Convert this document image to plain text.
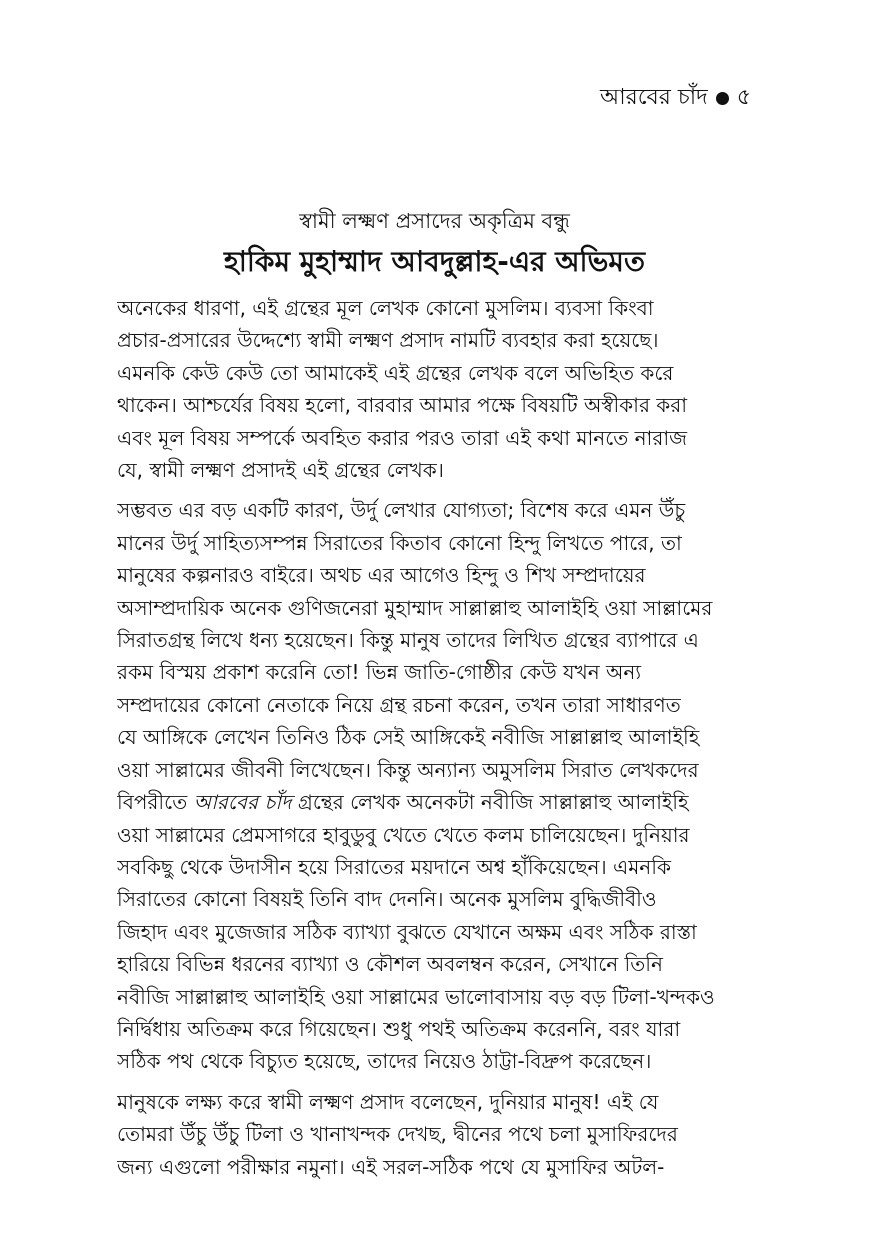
আরবের চাঁদ ৫
স্বামী লক্ষ্মণ প্রসাদের অকৃত্রিম বন্ধু
হাকিম মুহাম্মাদ আবদুল্লাহ-এর অভিমত
অনেকের ধারণা, এই গ্রন্থের মূল লেখক কোনো মুসলিম। ব্যবসা কিংবা
প্রচার-প্রসারের উদ্দেশ্যে স্বামী লক্ষ্মণ প্রসাদ নামটি ব্যবহার করা হয়েছে।
এমনকি কেউ কেউ তো আমাকেই এই গ্রন্থের লেখক বলে অভিহিত করে
থাকেন। আশ্চর্যের বিষয় হলো, বারবার আমার পক্ষে বিষয়টি অস্বীকার করা
এবং মূল বিষয় সম্পর্কে অবহিত করার পরও তারা এই কথা মানতে নারাজ
যে, স্বামী লক্ষ্মণ প্রসাদই এই গ্রন্থের লেখক।
সম্ভবত এর বড় একটি কারণ, উর্দু লেখার যোগ্যতা; বিশেষ করে এমন উঁচু
মানের উর্দু সাহিত্যসম্পন্ন সিরাতের কিতাব কোনো হিন্দু লিখতে পারে, তা
মানুষের কল্পনারও বাইরে। অথচ এর আগেও হিন্দু ও শিখ সম্প্রদায়ের
অসাম্প্রদায়িক অনেক গুণিজনেরা মুহাম্মাদ সাল্লাল্লাহু আলাইহি ওয়া সাল্লামের
সিরাতগ্রন্থ লিখে ধন্য হয়েছেন। কিন্তু মানুষ তাদের লিখিত গ্রন্থের ব্যাপারে এ
রকম বিস্ময় প্রকাশ করেনি তো! ভিন্ন জাতি-গোষ্ঠীর কেউ যখন অন্য
সম্প্রদায়ের কোনো নেতাকে নিয়ে গ্রন্থ রচনা করেন, তখন তারা সাধারণত
যে আঙ্গিকে লেখেন তিনিও ঠিক সেই আঙ্গিকেই নবীজি সাল্লাল্লাহু আলাইহি
ওয়া সাল্লামের জীবনী লিখেছেন। কিন্তু অন্যান্য অমুসলিম সিরাত লেখকদের
বিপরীতে আরবের চাঁদ গ্রন্থের লেখক অনেকটা নবীজি সাল্লাল্লাহু আলাইহি
ওয়া সাল্লামের প্রেমসাগরে হাবুডুবু খেতে খেতে কলম চালিয়েছেন। দুনিয়ার
সবকিছু থেকে উদাসীন হয়ে সিরাতের ময়দানে অশ্ব হাঁকিয়েছেন। এমনকি
সিরাতের কোনো বিষয়ই তিনি বাদ দেননি। অনেক মুসলিম বুদ্ধিজীবীও
জিহাদ এবং মুজেজার সঠিক ব্যাখ্যা বুঝতে যেখানে অক্ষম এবং সঠিক রাস্তা
হারিয়ে বিভিন্ন ধরনের ব্যাখ্যা ও কৌশল অবলম্বন করেন, সেখানে তিনি
নবীজি সাল্লাল্লাহু আলাইহি ওয়া সাল্লামের ভালোবাসায় বড় বড় টিলা-খন্দকও
নির্দ্বিধায় অতিক্রম করে গিয়েছেন। শুধু পথই অতিক্রম করেননি, বরং যারা
সঠিক পথ থেকে বিচ্যুত হয়েছে, তাদের নিয়েও ঠাট্টা-বিদ্রুপ করেছেন।
মানুষকে লক্ষ্য করে স্বামী লক্ষ্মণ প্রসাদ বলেছেন, দুনিয়ার মানুষ! এই যে
তোমরা উঁচু উঁচু টিলা ও খানাখন্দক দেখছ, দ্বীনের পথে চলা মুসাফিরদের
জন্য এগুলো পরীক্ষার নমুনা। এই সরল-সঠিক পথে যে মুসাফির অটল-
